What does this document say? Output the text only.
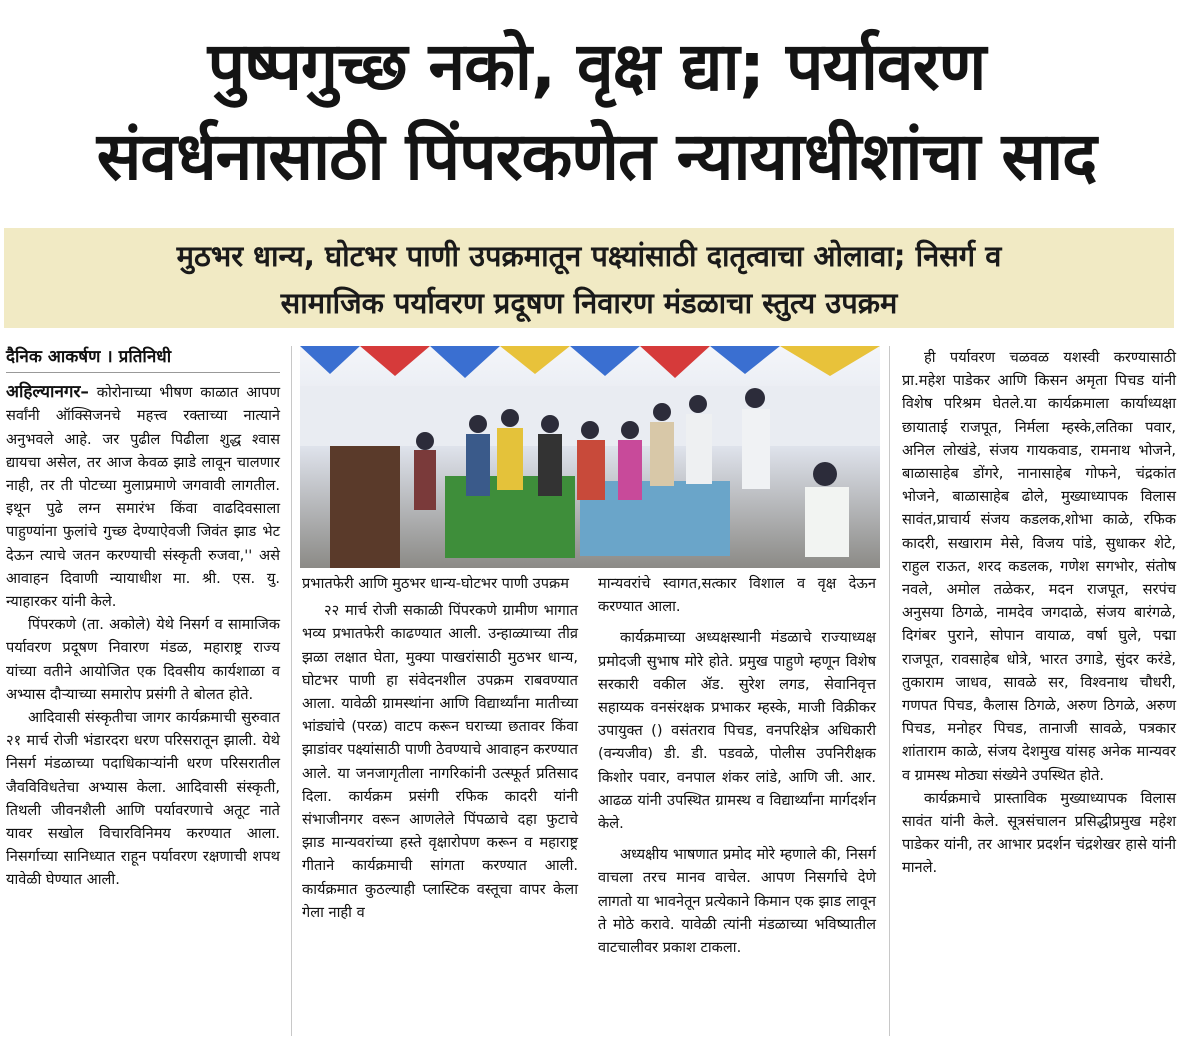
पुष्पगुच्छ नको, वृक्ष द्या; पर्यावरण
संवर्धनासाठी पिंपरकणेत न्यायाधीशांचा साद
मुठभर धान्य, घोटभर पाणी उपक्रमातून पक्ष्यांसाठी दातृत्वाचा ओलावा; निसर्ग व
सामाजिक पर्यावरण प्रदूषण निवारण मंडळाचा स्तुत्य उपक्रम
दैनिक आकर्षण । प्रतिनिधी

अहिल्यानगर– कोरोनाच्या भीषण काळात आपण सर्वांनी ऑक्सिजनचे महत्त्व रक्ताच्या नात्याने अनुभवले आहे. जर पुढील पिढीला शुद्ध श्वास द्यायचा असेल, तर आज केवळ झाडे लावून चालणार नाही, तर ती पोटच्या मुलाप्रमाणे जगवावी लागतील. इथून पुढे लग्न समारंभ किंवा वाढदिवसाला पाहुण्यांना फुलांचे गुच्छ देण्याऐवजी जिवंत झाड भेट देऊन त्याचे जतन करण्याची संस्कृती रुजवा,'' असे आवाहन दिवाणी न्यायाधीश मा. श्री. एस. यु. न्याहारकर यांनी केले.

पिंपरकणे (ता. अकोले) येथे निसर्ग व सामाजिक पर्यावरण प्रदूषण निवारण मंडळ, महाराष्ट्र राज्य यांच्या वतीने आयोजित एक दिवसीय कार्यशाळा व अभ्यास दौऱ्याच्या समारोप प्रसंगी ते बोलत होते.

आदिवासी संस्कृतीचा जागर कार्यक्रमाची सुरुवात २१ मार्च रोजी भंडारदरा धरण परिसरातून झाली. येथे निसर्ग मंडळाच्या पदाधिकाऱ्यांनी धरण परिसरातील जैवविविधतेचा अभ्यास केला. आदिवासी संस्कृती, तिथली जीवनशैली आणि पर्यावरणाचे अतूट नाते यावर सखोल विचारविनिमय करण्यात आला. निसर्गाच्या सानिध्यात राहून पर्यावरण रक्षणाची शपथ यावेळी घेण्यात आली.

प्रभातफेरी आणि मुठभर धान्य-घोटभर पाणी उपक्रम

२२ मार्च रोजी सकाळी पिंपरकणे ग्रामीण भागात भव्य प्रभातफेरी काढण्यात आली. उन्हाळ्याच्या तीव्र झळा लक्षात घेता, मुक्या पाखरांसाठी मुठभर धान्य, घोटभर पाणी हा संवेदनशील उपक्रम राबवण्यात आला. यावेळी ग्रामस्थांना आणि विद्यार्थ्यांना मातीच्या भांड्यांचे (परळ) वाटप करून घराच्या छतावर किंवा झाडांवर पक्ष्यांसाठी पाणी ठेवण्याचे आवाहन करण्यात आले. या जनजागृतीला नागरिकांनी उत्स्फूर्त प्रतिसाद दिला. कार्यक्रम प्रसंगी रफिक कादरी यांनी संभाजीनगर वरून आणलेले पिंपळाचे दहा फुटाचे झाड मान्यवरांच्या हस्ते वृक्षारोपण करून व महाराष्ट्र गीताने कार्यक्रमाची सांगता करण्यात आली. कार्यक्रमात कुठल्याही प्लास्टिक वस्तूचा वापर केला गेला नाही व

मान्यवरांचे स्वागत,सत्कार विशाल व वृक्ष देऊन करण्यात आला.

कार्यक्रमाच्या अध्यक्षस्थानी मंडळाचे राज्याध्यक्ष प्रमोदजी सुभाष मोरे होते. प्रमुख पाहुणे म्हणून विशेष सरकारी वकील ॲड. सुरेश लगड, सेवानिवृत्त सहाय्यक वनसंरक्षक प्रभाकर म्हस्के, माजी विक्रीकर उपायुक्त () वसंतराव पिचड, वनपरिक्षेत्र अधिकारी (वन्यजीव) डी. डी. पडवळे, पोलीस उपनिरीक्षक किशोर पवार, वनपाल शंकर लांडे, आणि जी. आर. आढळ यांनी उपस्थित ग्रामस्थ व विद्यार्थ्यांना मार्गदर्शन केले.

अध्यक्षीय भाषणात प्रमोद मोरे म्हणाले की, निसर्ग वाचला तरच मानव वाचेल. आपण निसर्गाचे देणे लागतो या भावनेतून प्रत्येकाने किमान एक झाड लावून ते मोठे करावे. यावेळी त्यांनी मंडळाच्या भविष्यातील वाटचालीवर प्रकाश टाकला.

ही पर्यावरण चळवळ यशस्वी करण्यासाठी प्रा.महेश पाडेकर आणि किसन अमृता पिचड यांनी विशेष परिश्रम घेतले.या कार्यक्रमाला कार्याध्यक्षा छायाताई राजपूत, निर्मला म्हस्के,लतिका पवार, अनिल लोखंडे, संजय गायकवाड, रामनाथ भोजने, बाळासाहेब डोंगरे, नानासाहेब गोफने, चंद्रकांत भोजने, बाळासाहेब ढोले, मुख्याध्यापक विलास सावंत,प्राचार्य संजय कडलक,शोभा काळे, रफिक कादरी, सखाराम मेसे, विजय पांडे, सुधाकर शेटे, राहुल राऊत, शरद कडलक, गणेश सगभोर, संतोष नवले, अमोल तळेकर, मदन राजपूत, सरपंच अनुसया ठिगळे, नामदेव जगदाळे, संजय बारंगळे, दिगंबर पुराने, सोपान वायाळ, वर्षा घुले, पद्मा राजपूत, रावसाहेब धोत्रे, भारत उगाडे, सुंदर करंडे, तुकाराम जाधव, सावळे सर, विश्वनाथ चौधरी, गणपत पिचड, कैलास ठिगळे, अरुण ठिगळे, अरुण पिचड, मनोहर पिचड, तानाजी सावळे, पत्रकार शांताराम काळे, संजय देशमुख यांसह अनेक मान्यवर व ग्रामस्थ मोठ्या संख्येने उपस्थित होते.

कार्यक्रमाचे प्रास्ताविक मुख्याध्यापक विलास सावंत यांनी केले. सूत्रसंचालन प्रसिद्धीप्रमुख महेश पाडेकर यांनी, तर आभार प्रदर्शन चंद्रशेखर हासे यांनी मानले.
